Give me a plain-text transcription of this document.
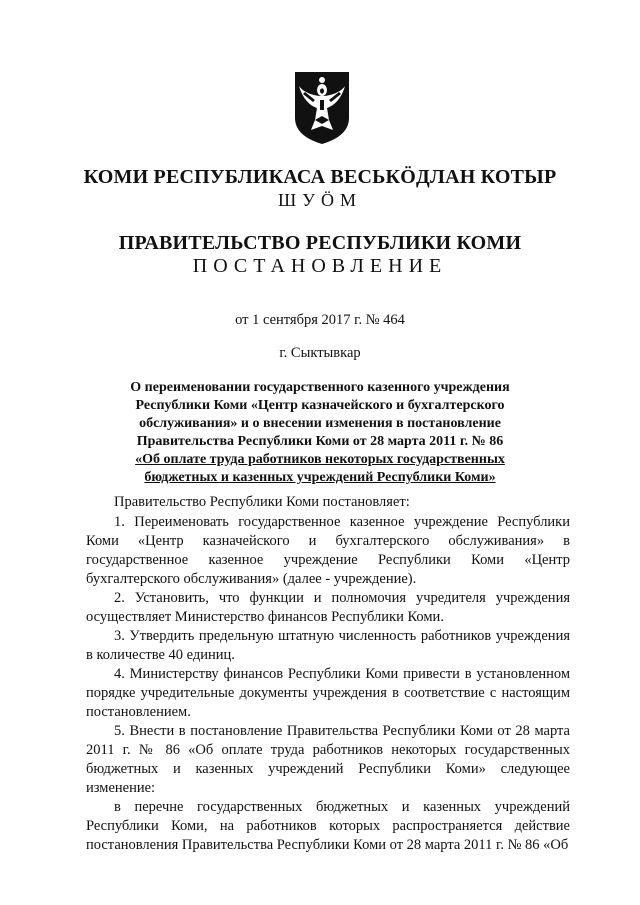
КОМИ РЕСПУБЛИКАСА ВЕСЬКӦДЛАН КОТЫР
ШУӦМ
ПРАВИТЕЛЬСТВО РЕСПУБЛИКИ КОМИ
ПОСТАНОВЛЕНИЕ
от 1 сентября 2017 г. № 464
г. Сыктывкар
О переименовании государственного казенного учреждения
Республики Коми «Центр казначейского и бухгалтерского
обслуживания» и о внесении изменения в постановление
Правительства Республики Коми от 28 марта 2011 г. № 86
«Об оплате труда работников некоторых государственных
бюджетных и казенных учреждений Республики Коми»

Правительство Республики Коми постановляет:

1. Переименовать государственное казенное учреждение Республики Коми «Центр казначейского и бухгалтерского обслуживания» в государственное казенное учреждение Республики Коми «Центр бухгалтерского обслуживания» (далее - учреждение).

2. Установить, что функции и полномочия учредителя учреждения осуществляет Министерство финансов Республики Коми.

3. Утвердить предельную штатную численность работников учреждения в количестве 40 единиц.

4. Министерству финансов Республики Коми привести в установленном порядке учредительные документы учреждения в соответствие с настоящим постановлением.

5. Внести в постановление Правительства Республики Коми от 28 марта 2011 г. № 86 «Об оплате труда работников некоторых государственных бюджетных и казенных учреждений Республики Коми» следующее изменение:

в перечне государственных бюджетных и казенных учреждений Республики Коми, на работников которых распространяется действие постановления Правительства Республики Коми от 28 марта 2011 г. № 86 «Об
